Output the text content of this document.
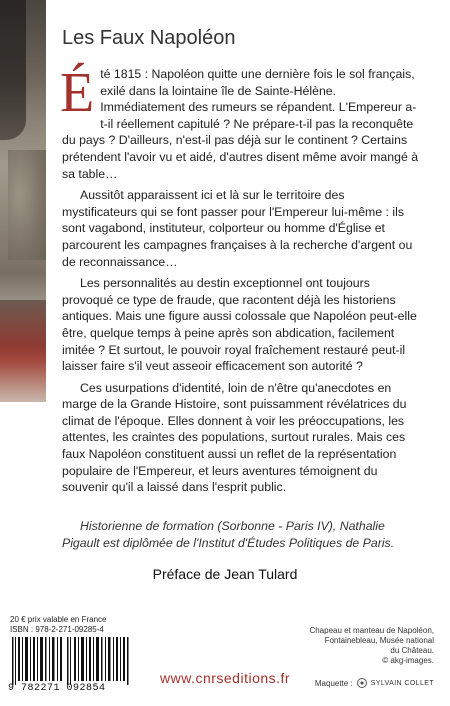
Les Faux Napoléon

Été 1815 : Napoléon quitte une dernière fois le sol français, exilé dans la lointaine île de Sainte-Hélène. Immédiatement des rumeurs se répandent. L'Empereur a-t-il réellement capitulé ? Ne prépare-t-il pas la reconquête du pays ? D'ailleurs, n'est-il pas déjà sur le continent ? Certains prétendent l'avoir vu et aidé, d'autres disent même avoir mangé à sa table…

Aussitôt apparaissent ici et là sur le territoire des mystificateurs qui se font passer pour l'Empereur lui-même : ils sont vagabond, instituteur, colporteur ou homme d'Église et parcourent les campagnes françaises à la recherche d'argent ou de reconnaissance…

Les personnalités au destin exceptionnel ont toujours provoqué ce type de fraude, que racontent déjà les historiens antiques. Mais une figure aussi colossale que Napoléon peut-elle être, quelque temps à peine après son abdication, facilement imitée ? Et surtout, le pouvoir royal fraîchement restauré peut-il laisser faire s'il veut asseoir efficacement son autorité ?

Ces usurpations d'identité, loin de n'être qu'anecdotes en marge de la Grande Histoire, sont puissamment révélatrices du climat de l'époque. Elles donnent à voir les préoccupations, les attentes, les craintes des populations, surtout rurales. Mais ces faux Napoléon constituent aussi un reflet de la représentation populaire de l'Empereur, et leurs aventures témoignent du souvenir qu'il a laissé dans l'esprit public.

Historienne de formation (Sorbonne - Paris IV), Nathalie Pigault est diplômée de l'Institut d'Études Politiques de Paris.

Préface de Jean Tulard

20 € prix valable en France
ISBN : 978-2-271-09285-4
9 782271 092854
www.cnrseditions.fr
Chapeau et manteau de Napoléon,
Fontainebleau, Musée national
du Château.
© akg-images.
Maquette :	SYLVAIN COLLET
